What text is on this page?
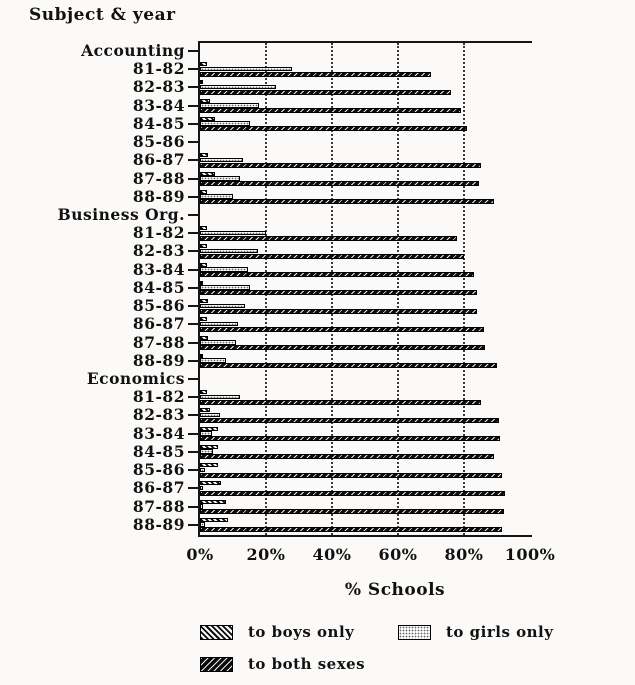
Subject & year
Accounting
81-82
82-83
83-84
84-85
85-86
86-87
87-88
88-89
Business Org.
81-82
82-83
83-84
84-85
85-86
86-87
87-88
88-89
Economics
81-82
82-83
83-84
84-85
85-86
86-87
87-88
88-89
0% 20% 40% 60% 80% 100%
% Schools
to boys only	to girls only
to both sexes
